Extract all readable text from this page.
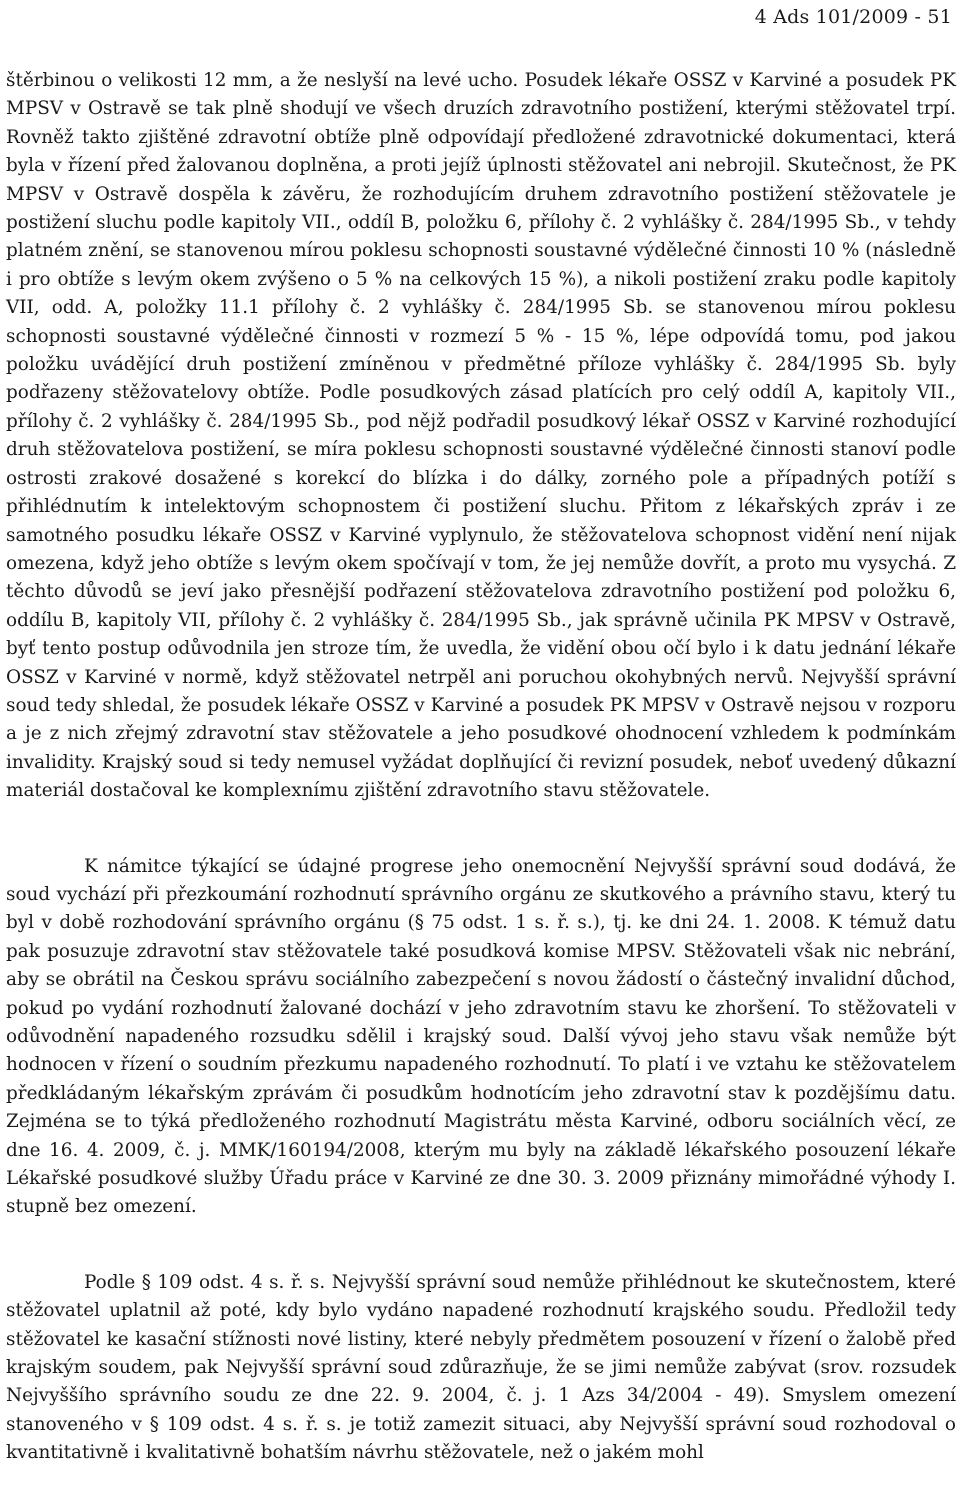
4 Ads 101/2009 - 51

štěrbinou o velikosti 12 mm, a že neslyší na levé ucho. Posudek lékaře OSSZ v Karviné a posudek PK MPSV v Ostravě se tak plně shodují ve všech druzích zdravotního postižení, kterými stěžovatel trpí. Rovněž takto zjištěné zdravotní obtíže plně odpovídají předložené zdravotnické dokumentaci, která byla v řízení před žalovanou doplněna, a proti jejíž úplnosti stěžovatel ani nebrojil. Skutečnost, že PK MPSV v Ostravě dospěla k závěru, že rozhodujícím druhem zdravotního postižení stěžovatele je postižení sluchu podle kapitoly VII., oddíl B, položku 6, přílohy č. 2 vyhlášky č. 284/1995 Sb., v tehdy platném znění, se stanovenou mírou poklesu schopnosti soustavné výdělečné činnosti 10 % (následně i pro obtíže s levým okem zvýšeno o 5 % na celkových 15 %), a nikoli postižení zraku podle kapitoly VII, odd. A, položky 11.1 přílohy č. 2 vyhlášky č. 284/1995 Sb. se stanovenou mírou poklesu schopnosti soustavné výdělečné činnosti v rozmezí 5 % - 15 %, lépe odpovídá tomu, pod jakou položku uvádějící druh postižení zmíněnou v předmětné příloze vyhlášky č. 284/1995 Sb. byly podřazeny stěžovatelovy obtíže. Podle posudkových zásad platících pro celý oddíl A, kapitoly VII., přílohy č. 2 vyhlášky č. 284/1995 Sb., pod nějž podřadil posudkový lékař OSSZ v Karviné rozhodující druh stěžovatelova postižení, se míra poklesu schopnosti soustavné výdělečné činnosti stanoví podle ostrosti zrakové dosažené s korekcí do blízka i do dálky, zorného pole a případných potíží s přihlédnutím k intelektovým schopnostem či postižení sluchu. Přitom z lékařských zpráv i ze samotného posudku lékaře OSSZ v Karviné vyplynulo, že stěžovatelova schopnost vidění není nijak omezena, když jeho obtíže s levým okem spočívají v tom, že jej nemůže dovřít, a proto mu vysychá. Z těchto důvodů se jeví jako přesnější podřazení stěžovatelova zdravotního postižení pod položku 6, oddílu B, kapitoly VII, přílohy č. 2 vyhlášky č. 284/1995 Sb., jak správně učinila PK MPSV v Ostravě, byť tento postup odůvodnila jen stroze tím, že uvedla, že vidění obou očí bylo i k datu jednání lékaře OSSZ v Karviné v normě, když stěžovatel netrpěl ani poruchou okohybných nervů. Nejvyšší správní soud tedy shledal, že posudek lékaře OSSZ v Karviné a posudek PK MPSV v Ostravě nejsou v rozporu a je z nich zřejmý zdravotní stav stěžovatele a jeho posudkové ohodnocení vzhledem k podmínkám invalidity. Krajský soud si tedy nemusel vyžádat doplňující či revizní posudek, neboť uvedený důkazní materiál dostačoval ke komplexnímu zjištění zdravotního stavu stěžovatele.

K námitce týkající se údajné progrese jeho onemocnění Nejvyšší správní soud dodává, že soud vychází při přezkoumání rozhodnutí správního orgánu ze skutkového a právního stavu, který tu byl v době rozhodování správního orgánu (§ 75 odst. 1 s. ř. s.), tj. ke dni 24. 1. 2008. K témuž datu pak posuzuje zdravotní stav stěžovatele také posudková komise MPSV. Stěžovateli však nic nebrání, aby se obrátil na Českou správu sociálního zabezpečení s novou žádostí o částečný invalidní důchod, pokud po vydání rozhodnutí žalované dochází v jeho zdravotním stavu ke zhoršení. To stěžovateli v odůvodnění napadeného rozsudku sdělil i krajský soud. Další vývoj jeho stavu však nemůže být hodnocen v řízení o soudním přezkumu napadeného rozhodnutí. To platí i ve vztahu ke stěžovatelem předkládaným lékařským zprávám či posudkům hodnotícím jeho zdravotní stav k pozdějšímu datu. Zejména se to týká předloženého rozhodnutí Magistrátu města Karviné, odboru sociálních věcí, ze dne 16. 4. 2009, č. j. MMK/160194/2008, kterým mu byly na základě lékařského posouzení lékaře Lékařské posudkové služby Úřadu práce v Karviné ze dne 30. 3. 2009 přiznány mimořádné výhody I. stupně bez omezení.

Podle § 109 odst. 4 s. ř. s. Nejvyšší správní soud nemůže přihlédnout ke skutečnostem, které stěžovatel uplatnil až poté, kdy bylo vydáno napadené rozhodnutí krajského soudu. Předložil tedy stěžovatel ke kasační stížnosti nové listiny, které nebyly předmětem posouzení v řízení o žalobě před krajským soudem, pak Nejvyšší správní soud zdůrazňuje, že se jimi nemůže zabývat (srov. rozsudek Nejvyššího správního soudu ze dne 22. 9. 2004, č. j. 1 Azs 34/2004 - 49). Smyslem omezení stanoveného v § 109 odst. 4 s. ř. s. je totiž zamezit situaci, aby Nejvyšší správní soud rozhodoval o kvantitativně i kvalitativně bohatším návrhu stěžovatele, než o jakém mohl
